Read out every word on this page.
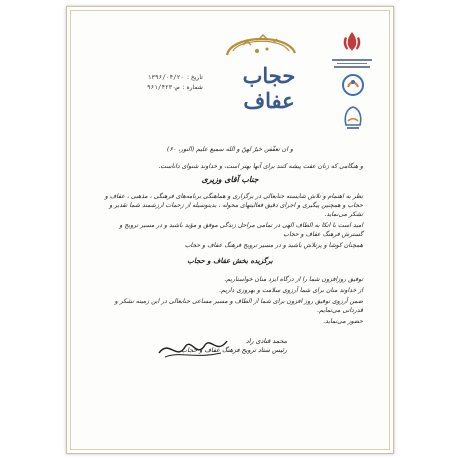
حجاب
عفاف
تاریخ :
۱۳۹۶/۰۴/۲۰
شماره :
۹۶۱/ص۴۲۳۰

و ان تعفّفن خیرٌ لهنّ و الله سمیع علیم (النور، ۶۰)

و هنگامی که زنان عفت پیشه کنند برای آنها بهتر است، و خداوند شنوای داناست.

جناب آقای وزیری

نظر به اهتمام و تلاش شایسته جنابعالی در برگزاری و هماهنگی برنامه‌های فرهنگی ، مذهبی ، عفاف و حجاب و همچنین پیگیری و اجرای دقیق فعالیتهای محوله ، بدینوسیله از زحمات ارزشمند شما تقدیر و تشکر می‌نماید.

امید است با اتکا به الطاف الهی در تمامی مراحل زندگی موفق و مؤید باشید و در مسیر ترویج و گسترش فرهنگ عفاف و حجاب

همچنان کوشا و پرتلاش باشید و در مسیر ترویج فرهنگ عفاف و حجاب

برگزیده بخش عفاف و حجاب

توفیق روزافزون شما را از درگاه ایزد منان خواستاریم.

از خداوند منان برای شما آرزوی سلامت و بهروزی داریم.

ضمن آرزوی توفیق روز افزون برای شما از الطاف و مسیر مساعی جنابعالی در این زمینه تشکر و قدردانی می‌نمایم.

حضور می‌نماید.

محمد قنادی راد
رئیس ستاد ترویج فرهنگ عفاف و حجاب
